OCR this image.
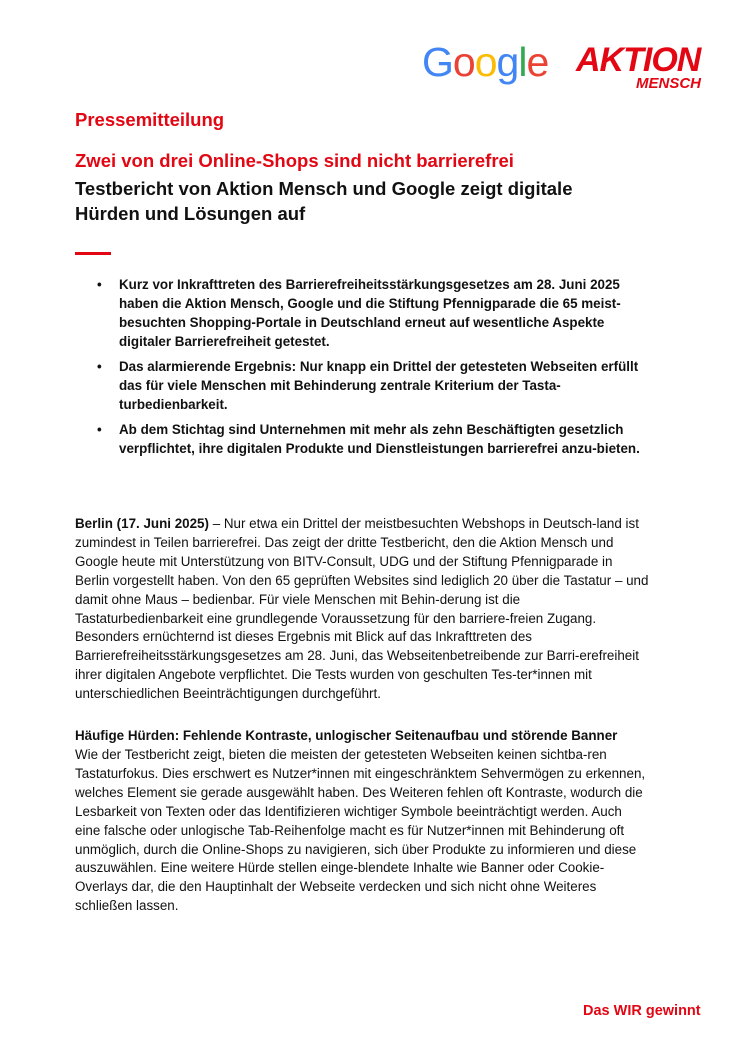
Google AKTION
MENSCH

Pressemitteilung

Zwei von drei Online-Shops sind nicht barrierefrei

Testbericht von Aktion Mensch und Google zeigt digitale Hürden und Lösungen auf

• Kurz vor Inkrafttreten des Barrierefreiheitsstärkungsgesetzes am 28. Juni 2025 haben die Aktion Mensch, Google und die Stiftung Pfennigparade die 65 meist-besuchten Shopping-Portale in Deutschland erneut auf wesentliche Aspekte digitaler Barrierefreiheit getestet.
• Das alarmierende Ergebnis: Nur knapp ein Drittel der getesteten Webseiten erfüllt das für viele Menschen mit Behinderung zentrale Kriterium der Tasta-turbedienbarkeit.
• Ab dem Stichtag sind Unternehmen mit mehr als zehn Beschäftigten gesetzlich verpflichtet, ihre digitalen Produkte und Dienstleistungen barrierefrei anzu-bieten.

Berlin (17. Juni 2025) – Nur etwa ein Drittel der meistbesuchten Webshops in Deutsch-land ist zumindest in Teilen barrierefrei. Das zeigt der dritte Testbericht, den die Aktion Mensch und Google heute mit Unterstützung von BITV-Consult, UDG und der Stiftung Pfennigparade in Berlin vorgestellt haben. Von den 65 geprüften Websites sind lediglich 20 über die Tastatur – und damit ohne Maus – bedienbar. Für viele Menschen mit Behin-derung ist die Tastaturbedienbarkeit eine grundlegende Voraussetzung für den barriere-freien Zugang. Besonders ernüchternd ist dieses Ergebnis mit Blick auf das Inkrafttreten des Barrierefreiheitsstärkungsgesetzes am 28. Juni, das Webseitenbetreibende zur Barri-erefreiheit ihrer digitalen Angebote verpflichtet. Die Tests wurden von geschulten Tes-ter*innen mit unterschiedlichen Beeinträchtigungen durchgeführt.

Häufige Hürden: Fehlende Kontraste, unlogischer Seitenaufbau und störende Banner

Wie der Testbericht zeigt, bieten die meisten der getesteten Webseiten keinen sichtba-ren Tastaturfokus. Dies erschwert es Nutzer*innen mit eingeschränktem Sehvermögen zu erkennen, welches Element sie gerade ausgewählt haben. Des Weiteren fehlen oft Kontraste, wodurch die Lesbarkeit von Texten oder das Identifizieren wichtiger Symbole beeinträchtigt werden. Auch eine falsche oder unlogische Tab-Reihenfolge macht es für Nutzer*innen mit Behinderung oft unmöglich, durch die Online-Shops zu navigieren, sich über Produkte zu informieren und diese auszuwählen. Eine weitere Hürde stellen einge-blendete Inhalte wie Banner oder Cookie-Overlays dar, die den Hauptinhalt der Webseite verdecken und sich nicht ohne Weiteres schließen lassen.

Das WIR gewinnt
